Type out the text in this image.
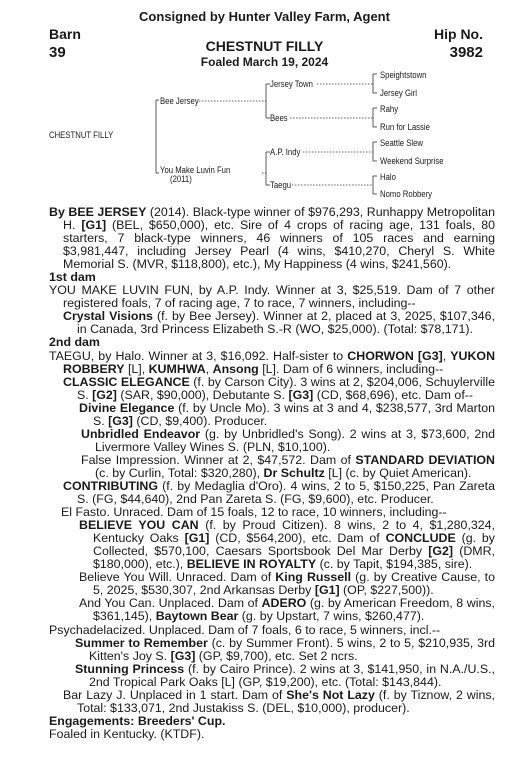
Consigned by Hunter Valley Farm, Agent
Barn
39
Hip No.
3982
CHESTNUT FILLY
Foaled March 19, 2024
CHESTNUT FILLY
Bee Jersey
You Make Luvin Fun
(2011)
Jersey Town
Bees
A.P. Indy
Taegu
Speightstown
Jersey Girl
Rahy
Run for Lassie
Seattle Slew
Weekend Surprise
Halo
Nomo Robbery

By BEE JERSEY (2014). Black-type winner of $976,293, Runhappy Metropolitan H. [G1] (BEL, $650,000), etc. Sire of 4 crops of racing age, 131 foals, 80 starters, 7 black-type winners, 46 winners of 105 races and earning $3,981,447, including Jersey Pearl (4 wins, $410,270, Cheryl S. White Memorial S. (MVR, $118,800), etc.), My Happiness (4 wins, $241,560).

1st dam

YOU MAKE LUVIN FUN, by A.P. Indy. Winner at 3, $25,519. Dam of 7 other registered foals, 7 of racing age, 7 to race, 7 winners, including--

Crystal Visions (f. by Bee Jersey). Winner at 2, placed at 3, 2025, $107,346, in Canada, 3rd Princess Elizabeth S.-R (WO, $25,000). (Total: $78,171).

2nd dam

TAEGU, by Halo. Winner at 3, $16,092. Half-sister to CHORWON [G3], YUKON ROBBERY [L], KUMHWA, Ansong [L]. Dam of 6 winners, including--

CLASSIC ELEGANCE (f. by Carson City). 3 wins at 2, $204,006, Schuylerville S. [G2] (SAR, $90,000), Debutante S. [G3] (CD, $68,696), etc. Dam of--

Divine Elegance (f. by Uncle Mo). 3 wins at 3 and 4, $238,577, 3rd Marton S. [G3] (CD, $9,400). Producer.

Unbridled Endeavor (g. by Unbridled's Song). 2 wins at 3, $73,600, 2nd Livermore Valley Wines S. (PLN, $10,100).

False Impression. Winner at 2, $47,572. Dam of STANDARD DEVIATION (c. by Curlin, Total: $320,280), Dr Schultz [L] (c. by Quiet American).

CONTRIBUTING (f. by Medaglia d'Oro). 4 wins, 2 to 5, $150,225, Pan Zareta S. (FG, $44,640), 2nd Pan Zareta S. (FG, $9,600), etc. Producer.

El Fasto. Unraced. Dam of 15 foals, 12 to race, 10 winners, including--

BELIEVE YOU CAN (f. by Proud Citizen). 8 wins, 2 to 4, $1,280,324, Kentucky Oaks [G1] (CD, $564,200), etc. Dam of CONCLUDE (g. by Collected, $570,100, Caesars Sportsbook Del Mar Derby [G2] (DMR, $180,000), etc.), BELIEVE IN ROYALTY (c. by Tapit, $194,385, sire).

Believe You Will. Unraced. Dam of King Russell (g. by Creative Cause, to 5, 2025, $530,307, 2nd Arkansas Derby [G1] (OP, $227,500)).

And You Can. Unplaced. Dam of ADERO (g. by American Freedom, 8 wins, $361,145), Baytown Bear (g. by Upstart, 7 wins, $260,477).

Psychadelacized. Unplaced. Dam of 7 foals, 6 to race, 5 winners, incl.--

Summer to Remember (c. by Summer Front). 5 wins, 2 to 5, $210,935, 3rd Kitten's Joy S. [G3] (GP, $9,700), etc. Set 2 ncrs.

Stunning Princess (f. by Cairo Prince). 2 wins at 3, $141,950, in N.A./U.S., 2nd Tropical Park Oaks [L] (GP, $19,200), etc. (Total: $143,844).

Bar Lazy J. Unplaced in 1 start. Dam of She's Not Lazy (f. by Tiznow, 2 wins, Total: $133,071, 2nd Justakiss S. (DEL, $10,000), producer).

Engagements: Breeders' Cup.

Foaled in Kentucky. (KTDF).
